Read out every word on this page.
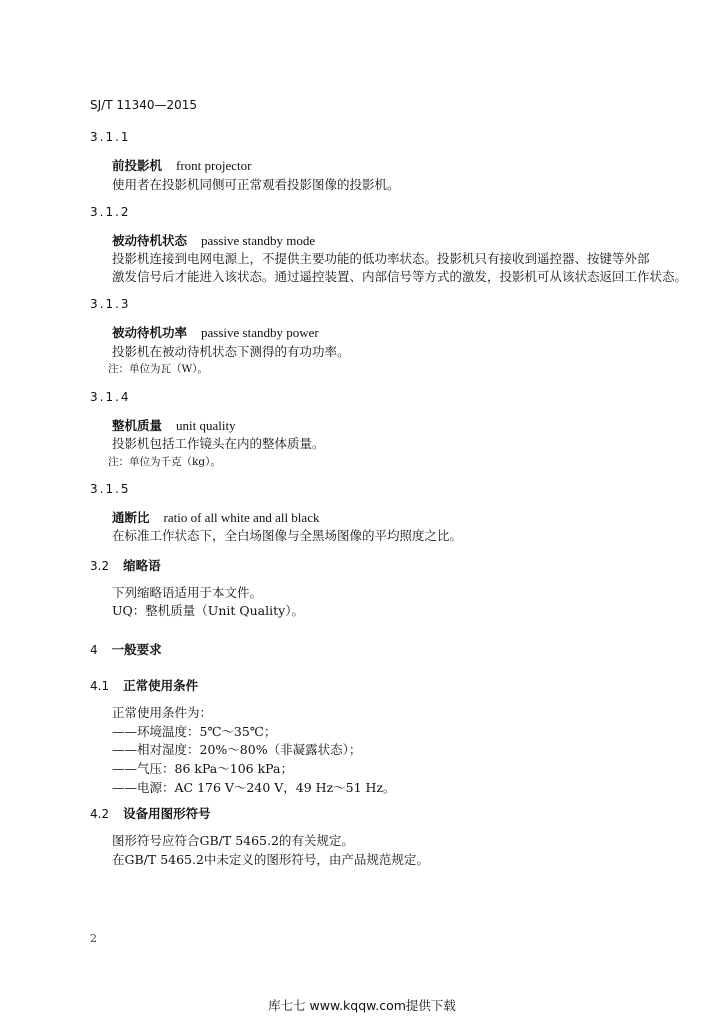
SJ/T 11340—2015
3.1.1
前投影机 front projector
使用者在投影机同侧可正常观看投影图像的投影机。
3.1.2
被动待机状态 passive standby mode
投影机连接到电网电源上，不提供主要功能的低功率状态。投影机只有接收到遥控器、按键等外部
激发信号后才能进入该状态。通过遥控装置、内部信号等方式的激发，投影机可从该状态返回工作状态。
3.1.3
被动待机功率 passive standby power
投影机在被动待机状态下测得的有功功率。
注：单位为瓦（W）。
3.1.4
整机质量 unit quality
投影机包括工作镜头在内的整体质量。
注：单位为千克（kg）。
3.1.5
通断比 ratio of all white and all black
在标准工作状态下，全白场图像与全黑场图像的平均照度之比。
3.2 缩略语
下列缩略语适用于本文件。
UQ：整机质量（Unit Quality）。
4 一般要求
4.1 正常使用条件
正常使用条件为：
——环境温度：5℃～35℃；
——相对湿度：20%～80%（非凝露状态）；
——气压：86 kPa～106 kPa；
——电源：AC 176 V～240 V，49 Hz～51 Hz。
4.2 设备用图形符号
图形符号应符合GB/T 5465.2的有关规定。
在GB/T 5465.2中未定义的图形符号，由产品规范规定。
2
库七七 www.kqqw.com提供下载
